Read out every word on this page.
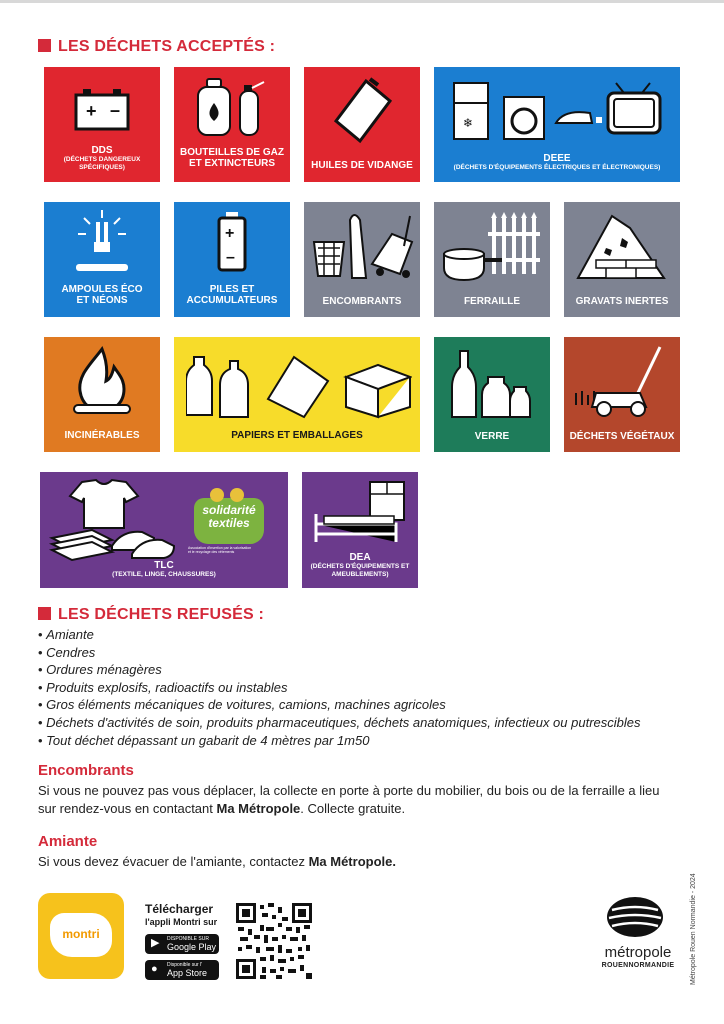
LES DÉCHETS ACCEPTÉS :
+ –
DDS
(DÉCHETS DANGEREUX
SPÉCIFIQUES)
BOUTEILLES DE GAZ
ET EXTINCTEURS	HUILES DE VIDANGE
❄
DEEE
(DÉCHETS D'ÉQUIPEMENTS ÉLECTRIQUES ET ÉLECTRONIQUES)
AMPOULES ÉCO
ET NÉONS
+
–
PILES ET
ACCUMULATEURS	ENCOMBRANTS	FERRAILLE	GRAVATS INERTES
INCINÉRABLES	PAPIERS ET EMBALLAGES	VERRE	DÉCHETS VÉGÉTAUX
solidarité
textiles
Association d'insertion par la valorisation
et le recyclage des vêtements
TLC
(TEXTILE, LINGE, CHAUSSURES)
DEA
(DÉCHETS D'ÉQUIPEMENTS ET
AMEUBLEMENTS)
LES DÉCHETS REFUSÉS :
• Amiante
• Cendres
• Ordures ménagères
• Produits explosifs, radioactifs ou instables
• Gros éléments mécaniques de voitures, camions, machines agricoles
• Déchets d'activités de soin, produits pharmaceutiques, déchets anatomiques, infectieux ou putrescibles
• Tout déchet dépassant un gabarit de 4 mètres par 1m50
Encombrants
Si vous ne pouvez pas vous déplacer, la collecte en porte à porte du mobilier, du bois ou de la ferraille a lieu sur rendez-vous en contactant Ma Métropole. Collecte gratuite.
Amiante
Si vous devez évacuer de l'amiante, contactez Ma Métropole.
montri
Télécharger
l'appli Montri sur
▶ DISPONIBLE SUR
Google Play
● Disponible sur l'
App Store
métropole
ROUENNORMANDIE	Métropole Rouen Normandie - 2024
